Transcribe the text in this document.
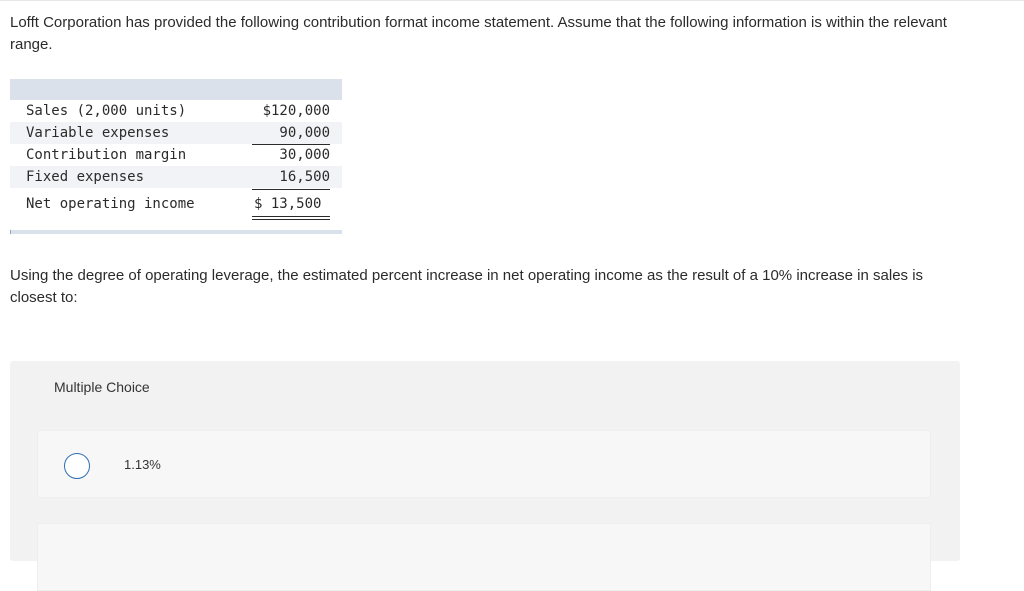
Lofft Corporation has provided the following contribution format income statement. Assume that the following information is within the relevant range.

Sales (2,000 units)	$120,000
Variable expenses	90,000
Contribution margin	30,000
Fixed expenses	16,500
Net operating income	$ 13,500

Using the degree of operating leverage, the estimated percent increase in net operating income as the result of a 10% increase in sales is closest to:

Multiple Choice
1.13%
